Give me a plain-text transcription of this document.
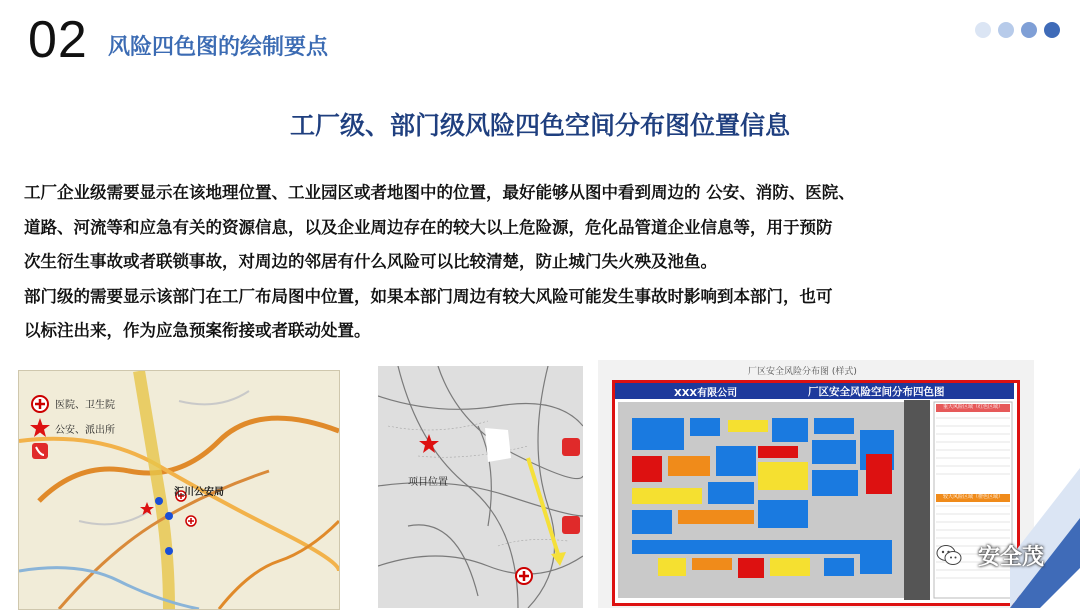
02 风险四色图的绘制要点
工厂级、部门级风险四色空间分布图位置信息

工厂企业级需要显示在该地理位置、工业园区或者地图中的位置，最好能够从图中看到周边的 公安、消防、医院、

道路、河流等和应急有关的资源信息，以及企业周边存在的较大以上危险源，危化品管道企业信息等，用于预防

次生衍生事故或者联锁事故，对周边的邻居有什么风险可以比较清楚，防止城门失火殃及池鱼。

部门级的需要显示该部门在工厂布局图中位置，如果本部门周边有较大风险可能发生事故时影响到本部门，也可

以标注出来，作为应急预案衔接或者联动处置。

医院、卫生院
公安、派出所
汇川公安局
项目位置
厂区安全风险分布图 (样式)
XXX有限公司	厂区安全风险空间分布四色图
重大风险区域（红色区域）
较大风险区域（橙色区域）
安全茂
